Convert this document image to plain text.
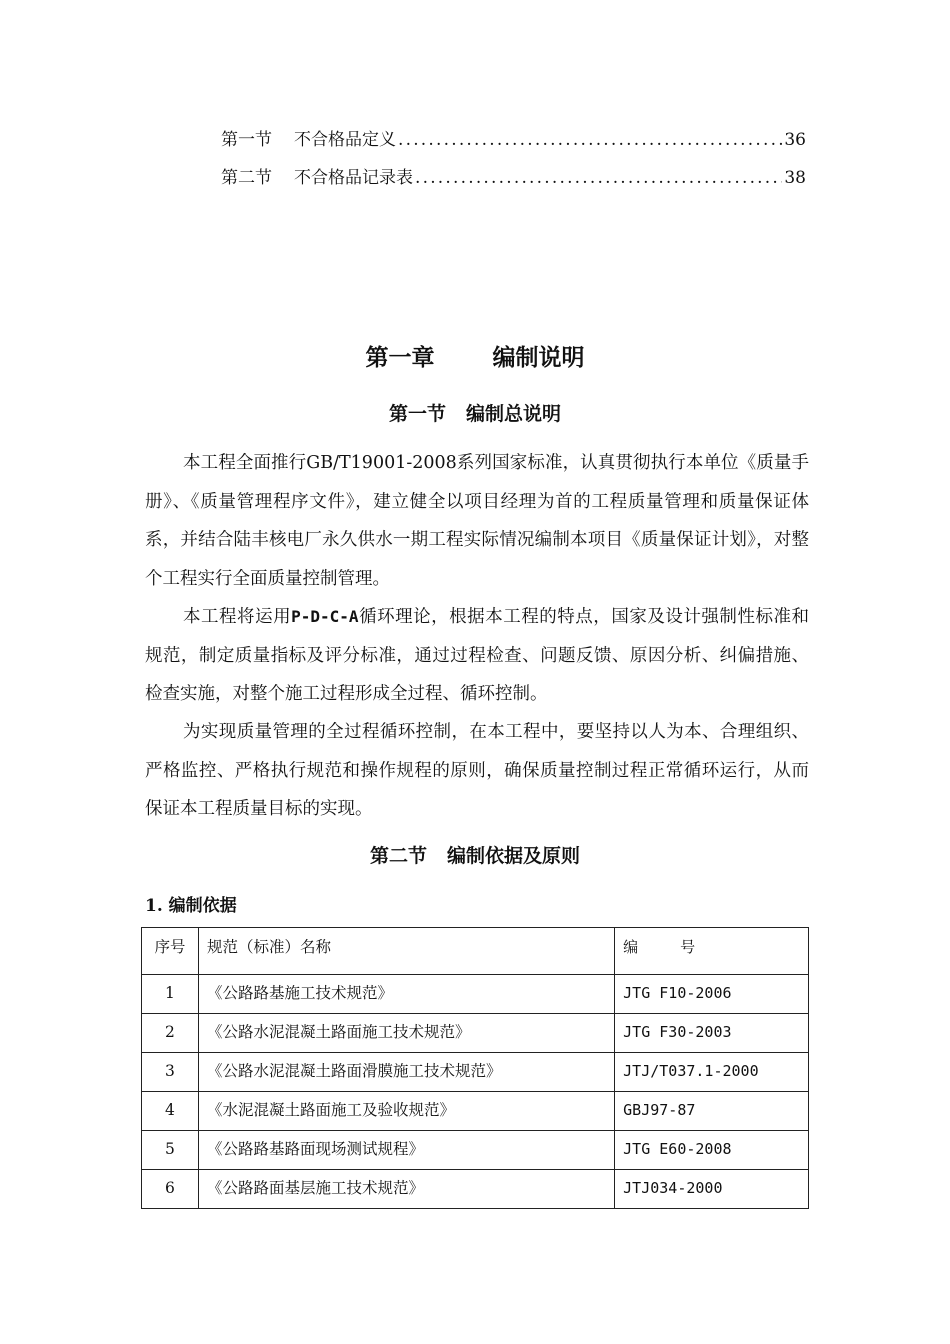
第一节 不合格品定义 .....	36
第二节 不合格品记录表 .....	38
第一章	编制说明
第一节 编制总说明

本工程全面推行GB/T19001-2008系列国家标准，认真贯彻执行本单位《质量手册》、《质量管理程序文件》，建立健全以项目经理为首的工程质量管理和质量保证体系，并结合陆丰核电厂永久供水一期工程实际情况编制本项目《质量保证计划》，对整个工程实行全面质量控制管理。

本工程将运用P-D-C-A循环理论，根据本工程的特点，国家及设计强制性标准和规范，制定质量指标及评分标准，通过过程检查、问题反馈、原因分析、纠偏措施、检查实施，对整个施工过程形成全过程、循环控制。

为实现质量管理的全过程循环控制，在本工程中，要坚持以人为本、合理组织、严格监控、严格执行规范和操作规程的原则，确保质量控制过程正常循环运行，从而保证本工程质量目标的实现。

第二节 编制依据及原则
1. 编制依据
序号	规范（标准）名称	编 号
1	《公路路基施工技术规范》	JTG F10-2006
2	《公路水泥混凝土路面施工技术规范》	JTG F30-2003
3	《公路水泥混凝土路面滑膜施工技术规范》	JTJ/T037.1-2000
4	《水泥混凝土路面施工及验收规范》	GBJ97-87
5	《公路路基路面现场测试规程》	JTG E60-2008
6	《公路路面基层施工技术规范》	JTJ034-2000
